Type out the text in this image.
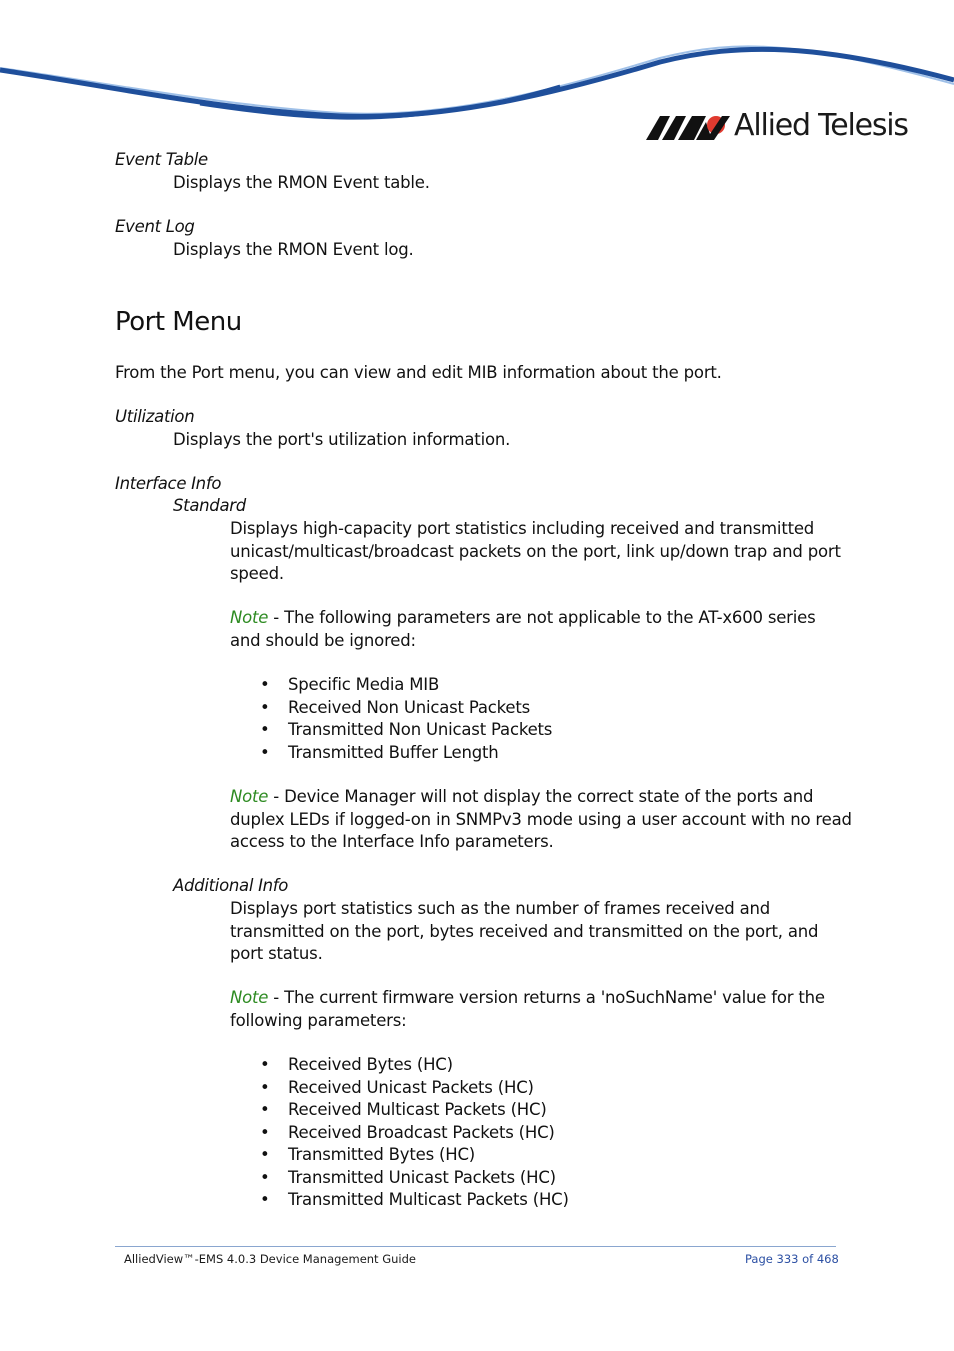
Allied Telesis
Event Table
Displays the RMON Event table.
Event Log
Displays the RMON Event log.
Port Menu
From the Port menu, you can view and edit MIB information about the port.
Utilization
Displays the port's utilization information.
Interface Info
Standard
Displays high-capacity port statistics including received and transmitted
unicast/multicast/broadcast packets on the port, link up/down trap and port
speed.
Note - The following parameters are not applicable to the AT-x600 series
and should be ignored:
• Specific Media MIB
• Received Non Unicast Packets
• Transmitted Non Unicast Packets
• Transmitted Buffer Length
Note - Device Manager will not display the correct state of the ports and
duplex LEDs if logged-on in SNMPv3 mode using a user account with no read
access to the Interface Info parameters.
Additional Info
Displays port statistics such as the number of frames received and
transmitted on the port, bytes received and transmitted on the port, and
port status.
Note - The current firmware version returns a 'noSuchName' value for the
following parameters:
• Received Bytes (HC)
• Received Unicast Packets (HC)
• Received Multicast Packets (HC)
• Received Broadcast Packets (HC)
• Transmitted Bytes (HC)
• Transmitted Unicast Packets (HC)
• Transmitted Multicast Packets (HC)
AlliedView™-EMS 4.0.3 Device Management Guide	Page 333 of 468
